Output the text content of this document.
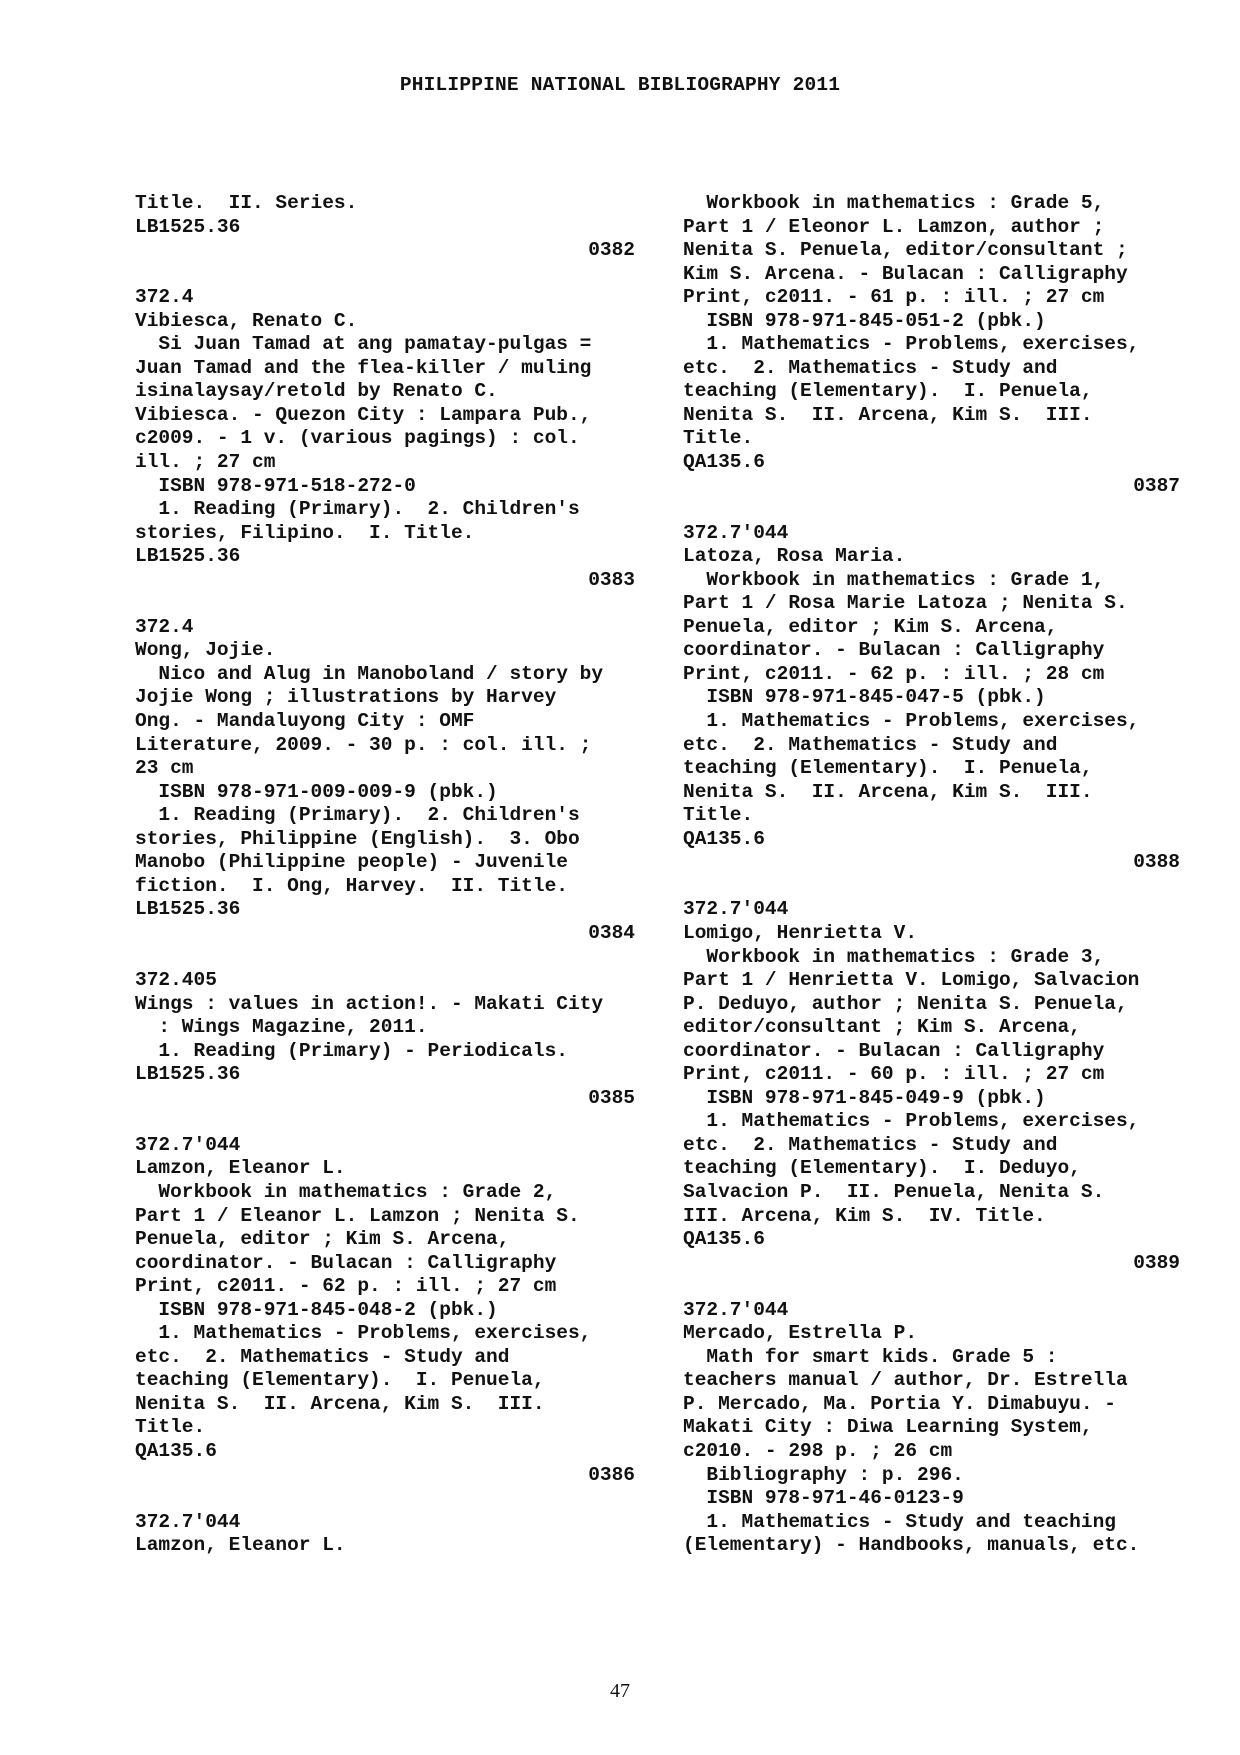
PHILIPPINE NATIONAL BIBLIOGRAPHY 2011
Title.  II. Series.
LB1525.36
0382
372.4
Vibiesca, Renato C.
Si Juan Tamad at ang pamatay-pulgas =
Juan Tamad and the flea-killer / muling
isinalaysay/retold by Renato C.
Vibiesca. - Quezon City : Lampara Pub.,
c2009. - 1 v. (various pagings) : col.
ill. ; 27 cm
ISBN 978-971-518-272-0
1. Reading (Primary).  2. Children's
stories, Filipino.  I. Title.
LB1525.36
0383
372.4
Wong, Jojie.
Nico and Alug in Manoboland / story by
Jojie Wong ; illustrations by Harvey
Ong. - Mandaluyong City : OMF
Literature, 2009. - 30 p. : col. ill. ;
23 cm
ISBN 978-971-009-009-9 (pbk.)
1. Reading (Primary).  2. Children's
stories, Philippine (English).  3. Obo
Manobo (Philippine people) - Juvenile
fiction.  I. Ong, Harvey.  II. Title.
LB1525.36
0384
372.405
Wings : values in action!. - Makati City
: Wings Magazine, 2011.
1. Reading (Primary) - Periodicals.
LB1525.36
0385
372.7'044
Lamzon, Eleanor L.
Workbook in mathematics : Grade 2,
Part 1 / Eleanor L. Lamzon ; Nenita S.
Penuela, editor ; Kim S. Arcena,
coordinator. - Bulacan : Calligraphy
Print, c2011. - 62 p. : ill. ; 27 cm
ISBN 978-971-845-048-2 (pbk.)
1. Mathematics - Problems, exercises,
etc.  2. Mathematics - Study and
teaching (Elementary).  I. Penuela,
Nenita S.  II. Arcena, Kim S.  III.
Title.
QA135.6
0386
372.7'044
Lamzon, Eleanor L.
Workbook in mathematics : Grade 5,
Part 1 / Eleonor L. Lamzon, author ;
Nenita S. Penuela, editor/consultant ;
Kim S. Arcena. - Bulacan : Calligraphy
Print, c2011. - 61 p. : ill. ; 27 cm
ISBN 978-971-845-051-2 (pbk.)
1. Mathematics - Problems, exercises,
etc.  2. Mathematics - Study and
teaching (Elementary).  I. Penuela,
Nenita S.  II. Arcena, Kim S.  III.
Title.
QA135.6
0387
372.7'044
Latoza, Rosa Maria.
Workbook in mathematics : Grade 1,
Part 1 / Rosa Marie Latoza ; Nenita S.
Penuela, editor ; Kim S. Arcena,
coordinator. - Bulacan : Calligraphy
Print, c2011. - 62 p. : ill. ; 28 cm
ISBN 978-971-845-047-5 (pbk.)
1. Mathematics - Problems, exercises,
etc.  2. Mathematics - Study and
teaching (Elementary).  I. Penuela,
Nenita S.  II. Arcena, Kim S.  III.
Title.
QA135.6
0388
372.7'044
Lomigo, Henrietta V.
Workbook in mathematics : Grade 3,
Part 1 / Henrietta V. Lomigo, Salvacion
P. Deduyo, author ; Nenita S. Penuela,
editor/consultant ; Kim S. Arcena,
coordinator. - Bulacan : Calligraphy
Print, c2011. - 60 p. : ill. ; 27 cm
ISBN 978-971-845-049-9 (pbk.)
1. Mathematics - Problems, exercises,
etc.  2. Mathematics - Study and
teaching (Elementary).  I. Deduyo,
Salvacion P.  II. Penuela, Nenita S.
III. Arcena, Kim S.  IV. Title.
QA135.6
0389
372.7'044
Mercado, Estrella P.
Math for smart kids. Grade 5 :
teachers manual / author, Dr. Estrella
P. Mercado, Ma. Portia Y. Dimabuyu. -
Makati City : Diwa Learning System,
c2010. - 298 p. ; 26 cm
Bibliography : p. 296.
ISBN 978-971-46-0123-9
1. Mathematics - Study and teaching
(Elementary) - Handbooks, manuals, etc.
47
